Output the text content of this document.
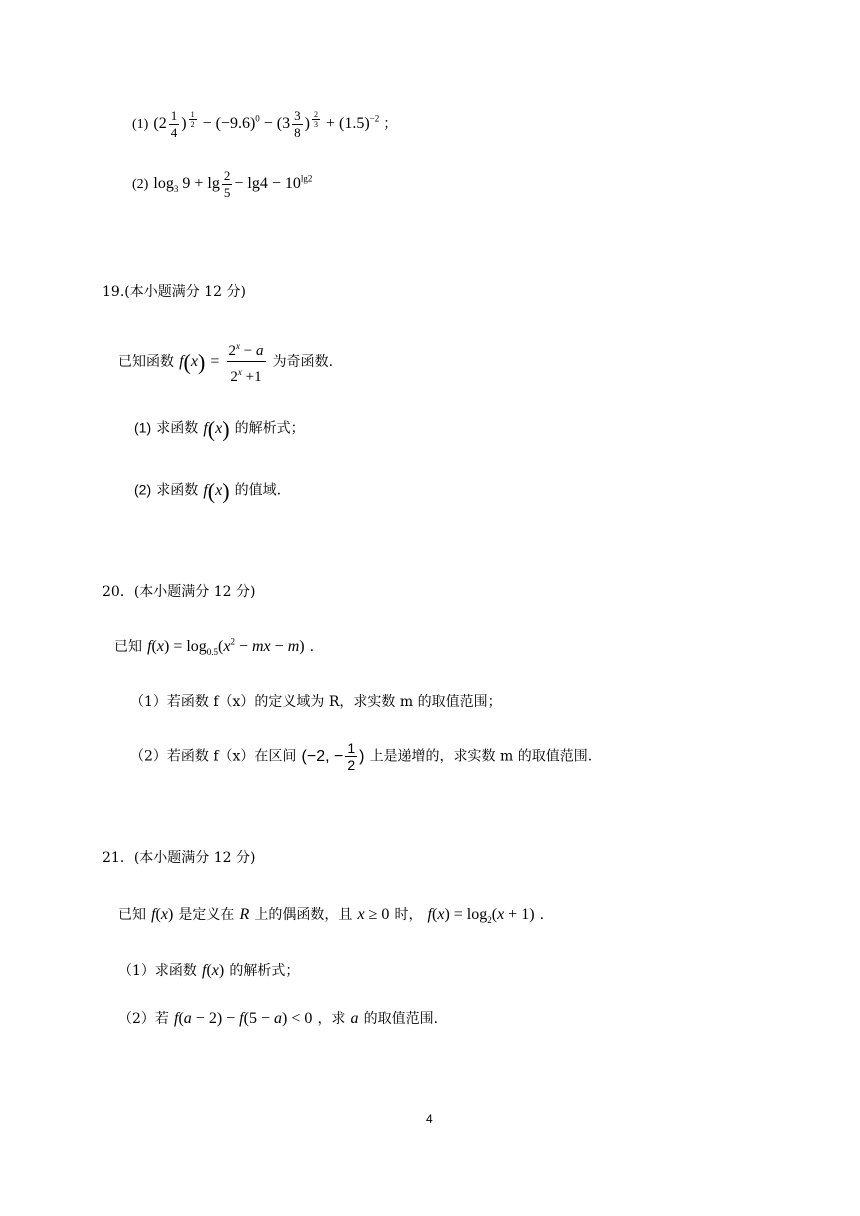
(1) ($2 \frac{1}{4}$ ) $^{\frac{1}{2}} - (-9.6)^0 - (3 \frac{3}{8}$ ) $^{\frac{2}{3}} + (1.5)^{-2}$ ；
(2) $\log_3 9 + \lg \frac{2}{5} - \lg 4 - 10^{lg2}$
19.(本小题满分 12 分)
已知函数 $f(x) = \frac{2^x - a}{2^x +1}$ 为奇函数.
(1) 求函数 f(x) 的解析式；
(2) 求函数 f(x) 的值域.
20．(本小题满分 12 分)
已知 $f(x) = \log_{0.5}(x^2$ − mx − m) .
（1）若函数 f（x）的定义域为 R，求实数 m 的取值范围；
（2）若函数 f（x）在区间 (−2, − $\frac{1}{2}$ ) 上是递增的，求实数 m 的取值范围.
21．(本小题满分 12 分)
已知 f(x) 是定义在 R 上的偶函数，且 x ≥ 0 时， $f(x) = \log_2(x + 1)$ .
（1）求函数 f(x) 的解析式；
（2）若 f(a − 2) − f(5 − a) < 0 ，求 a 的取值范围.
4
